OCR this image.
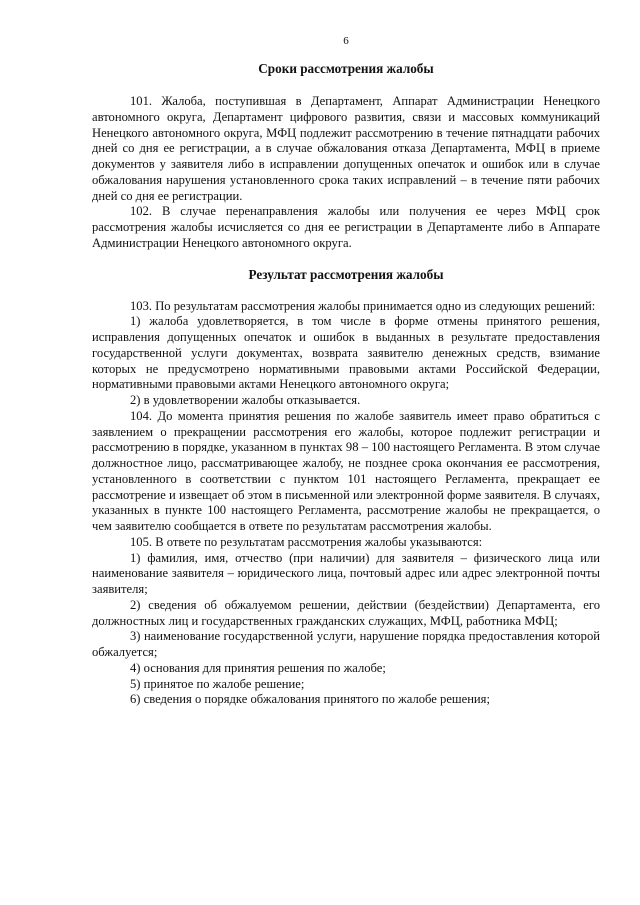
6
Сроки рассмотрения жалобы

101. Жалоба, поступившая в Департамент, Аппарат Администрации Ненецкого автономного округа, Департамент цифрового развития, связи и массовых коммуникаций Ненецкого автономного округа, МФЦ подлежит рассмотрению в течение пятнадцати рабочих дней со дня ее регистрации, а в случае обжалования отказа Департамента, МФЦ в приеме документов у заявителя либо в исправлении допущенных опечаток и ошибок или в случае обжалования нарушения установленного срока таких исправлений – в течение пяти рабочих дней со дня ее регистрации.

102. В случае перенаправления жалобы или получения ее через МФЦ срок рассмотрения жалобы исчисляется со дня ее регистрации в Департаменте либо в Аппарате Администрации Ненецкого автономного округа.

Результат рассмотрения жалобы

103. По результатам рассмотрения жалобы принимается одно из следующих решений:

1) жалоба удовлетворяется, в том числе в форме отмены принятого решения, исправления допущенных опечаток и ошибок в выданных в результате предоставления государственной услуги документах, возврата заявителю денежных средств, взимание которых не предусмотрено нормативными правовыми актами Российской Федерации, нормативными правовыми актами Ненецкого автономного округа;

2) в удовлетворении жалобы отказывается.

104. До момента принятия решения по жалобе заявитель имеет право обратиться с заявлением о прекращении рассмотрения его жалобы, которое подлежит регистрации и рассмотрению в порядке, указанном в пунктах 98 – 100 настоящего Регламента. В этом случае должностное лицо, рассматривающее жалобу, не позднее срока окончания ее рассмотрения, установленного в соответствии с пунктом 101 настоящего Регламента, прекращает ее рассмотрение и извещает об этом в письменной или электронной форме заявителя. В случаях, указанных в пункте 100 настоящего Регламента, рассмотрение жалобы не прекращается, о чем заявителю сообщается в ответе по результатам рассмотрения жалобы.

105. В ответе по результатам рассмотрения жалобы указываются:

1) фамилия, имя, отчество (при наличии) для заявителя – физического лица или наименование заявителя – юридического лица, почтовый адрес или адрес электронной почты заявителя;

2) сведения об обжалуемом решении, действии (бездействии) Департамента, его должностных лиц и государственных гражданских служащих, МФЦ, работника МФЦ;

3) наименование государственной услуги, нарушение порядка предоставления которой обжалуется;

4) основания для принятия решения по жалобе;

5) принятое по жалобе решение;

6) сведения о порядке обжалования принятого по жалобе решения;
